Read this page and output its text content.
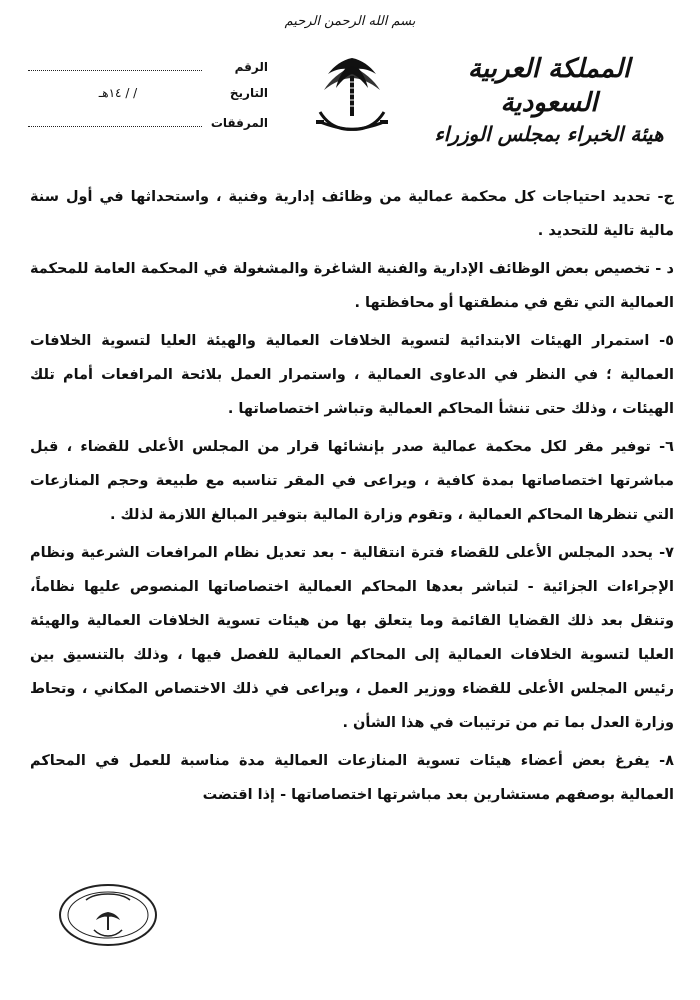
بسم الله الرحمن الرحيم
الرقم
التاريخ
/ / ١٤هـ
المرفقات
المملكة العربية السعودية
هيئة الخبراء بمجلس الوزراء

ج- تحديد احتياجات كل محكمة عمالية من وظائف إدارية وفنية ، واستحداثها في أول سنة مالية تالية للتحديد .

د - تخصيص بعض الوظائف الإدارية والفنية الشاغرة والمشغولة في المحكمة العامة للمحكمة العمالية التي تقع في منطقتها أو محافظتها .

٥- استمرار الهيئات الابتدائية لتسوية الخلافات العمالية والهيئة العليا لتسوية الخلافات العمالية ؛ في النظر في الدعاوى العمالية ، واستمرار العمل بلائحة المرافعات أمام تلك الهيئات ، وذلك حتى تنشأ المحاكم العمالية وتباشر اختصاصاتها .

٦- توفير مقر لكل محكمة عمالية صدر بإنشائها قرار من المجلس الأعلى للقضاء ، قبل مباشرتها اختصاصاتها بمدة كافية ، ويراعى في المقر تناسبه مع طبيعة وحجم المنازعات التي تنظرها المحاكم العمالية ، وتقوم وزارة المالية بتوفير المبالغ اللازمة لذلك .

٧- يحدد المجلس الأعلى للقضاء فترة انتقالية - بعد تعديل نظام المرافعات الشرعية ونظام الإجراءات الجزائية - لتباشر بعدها المحاكم العمالية اختصاصاتها المنصوص عليها نظاماً، وتنقل بعد ذلك القضايا القائمة وما يتعلق بها من هيئات تسوية الخلافات العمالية والهيئة العليا لتسوية الخلافات العمالية إلى المحاكم العمالية للفصل فيها ، وذلك بالتنسيق بين رئيس المجلس الأعلى للقضاء ووزير العمل ، ويراعى في ذلك الاختصاص المكاني ، وتحاط وزارة العدل بما تم من ترتيبات في هذا الشأن .

٨- يفرغ بعض أعضاء هيئات تسوية المنازعات العمالية مدة مناسبة للعمل في المحاكم العمالية بوصفهم مستشارين بعد مباشرتها اختصاصاتها - إذا اقتضت
